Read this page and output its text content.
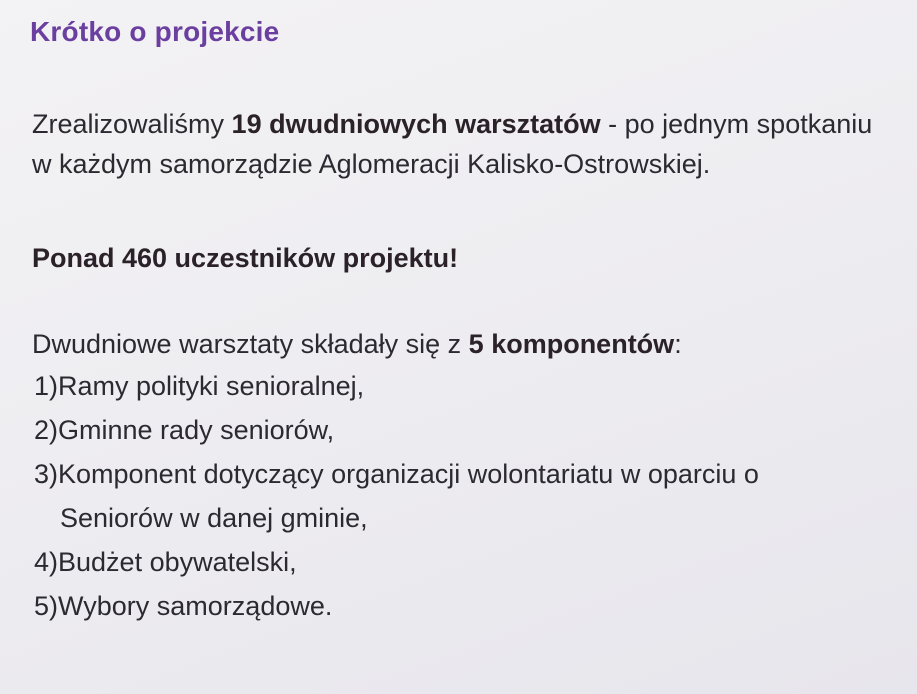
Krótko o projekcie

Zrealizowaliśmy 19 dwudniowych warsztatów - po jednym spotkaniu w każdym samorządzie Aglomeracji Kalisko-Ostrowskiej.

Ponad 460 uczestników projektu!

Dwudniowe warsztaty składały się z 5 komponentów:

1)Ramy polityki senioralnej,
2)Gminne rady seniorów,
3)Komponent dotyczący organizacji wolontariatu w oparciu o
Seniorów w danej gminie,
4)Budżet obywatelski,
5)Wybory samorządowe.
